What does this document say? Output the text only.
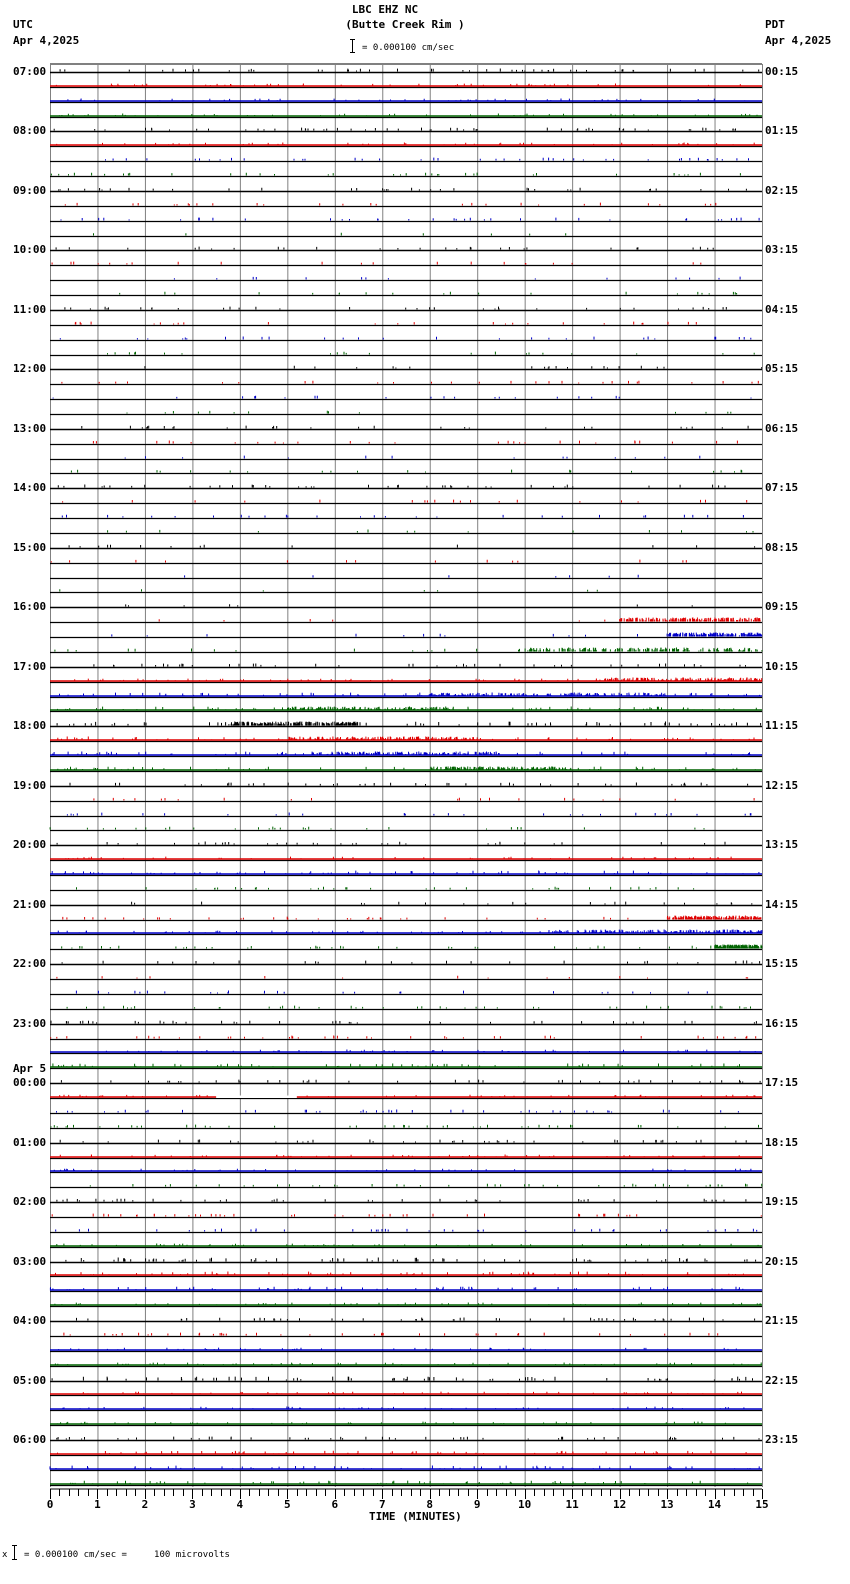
UTC
Apr 4,2025
PDT
Apr 4,2025
LBC EHZ NC
(Butte Creek Rim )
= 0.000100 cm/sec
07:00
08:00
09:00
10:00
11:00
12:00
13:00
14:00
15:00
16:00
17:00
18:00
19:00
20:00
21:00
22:00
23:00
Apr 5
00:00
01:00
02:00
03:00
04:00
05:00
06:00
00:15
01:15
02:15
03:15
04:15
05:15
06:15
07:15
08:15
09:15
10:15
11:15
12:15
13:15
14:15
15:15
16:15
17:15
18:15
19:15
20:15
21:15
22:15
23:15
0	1	2	3	4	5	6	7	8	9	10	11	12	13	14	15
TIME (MINUTES)
x = 0.000100 cm/sec =     100 microvolts
